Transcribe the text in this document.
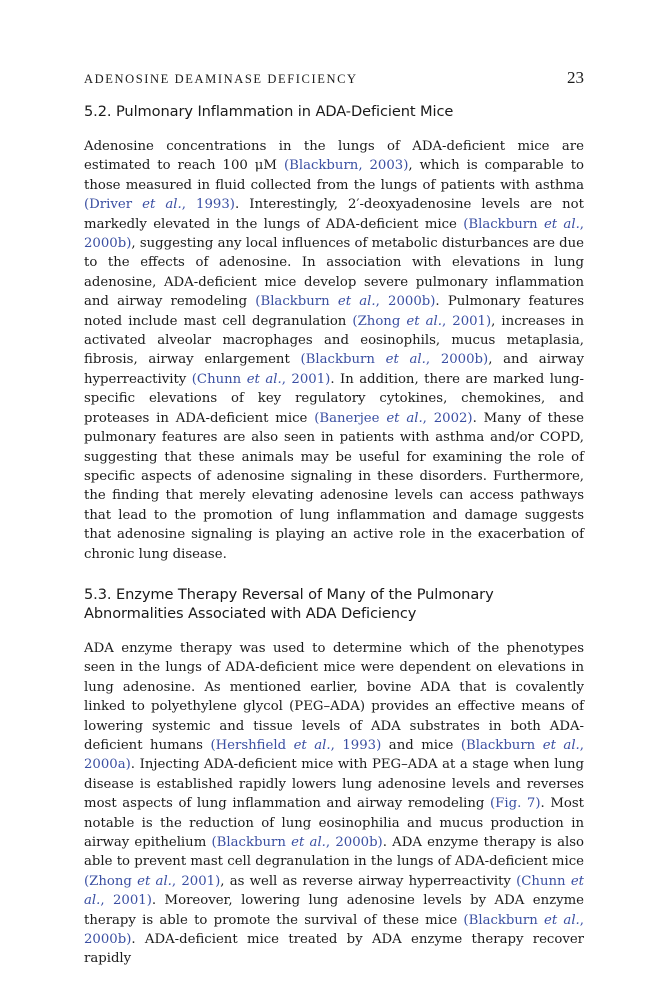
ADENOSINE DEAMINASE DEFICIENCY	23
5.2. Pulmonary Inflammation in ADA-Deficient Mice

Adenosine concentrations in the lungs of ADA-deficient mice are estimated to reach 100 μM (Blackburn, 2003), which is comparable to those measured in fluid collected from the lungs of patients with asthma (Driver et al., 1993). Interestingly, 2′-deoxyadenosine levels are not markedly elevated in the lungs of ADA-deficient mice (Blackburn et al., 2000b), suggesting any local influences of metabolic disturbances are due to the effects of adenosine. In association with elevations in lung adenosine, ADA-deficient mice develop severe pulmonary inflammation and airway remodeling (Blackburn et al., 2000b). Pulmonary features noted include mast cell degranulation (Zhong et al., 2001), increases in activated alveolar macrophages and eosinophils, mucus metaplasia, fibrosis, airway enlargement (Blackburn et al., 2000b), and airway hyperreactivity (Chunn et al., 2001). In addition, there are marked lung-specific elevations of key regulatory cytokines, chemokines, and proteases in ADA-deficient mice (Banerjee et al., 2002). Many of these pulmonary features are also seen in patients with asthma and/or COPD, suggesting that these animals may be useful for examining the role of specific aspects of adenosine signaling in these disorders. Furthermore, the finding that merely elevating adenosine levels can access pathways that lead to the promotion of lung inflammation and damage suggests that adenosine signaling is playing an active role in the exacerbation of chronic lung disease.

5.3. Enzyme Therapy Reversal of Many of the Pulmonary Abnormalities Associated with ADA Deficiency

ADA enzyme therapy was used to determine which of the phenotypes seen in the lungs of ADA-deficient mice were dependent on elevations in lung adenosine. As mentioned earlier, bovine ADA that is covalently linked to polyethylene glycol (PEG–ADA) provides an effective means of lowering systemic and tissue levels of ADA substrates in both ADA-deficient humans (Hershfield et al., 1993) and mice (Blackburn et al., 2000a). Injecting ADA-deficient mice with PEG–ADA at a stage when lung disease is established rapidly lowers lung adenosine levels and reverses most aspects of lung inflammation and airway remodeling (Fig. 7). Most notable is the reduction of lung eosinophilia and mucus production in airway epithelium (Blackburn et al., 2000b). ADA enzyme therapy is also able to prevent mast cell degranulation in the lungs of ADA-deficient mice (Zhong et al., 2001), as well as reverse airway hyperreactivity (Chunn et al., 2001). Moreover, lowering lung adenosine levels by ADA enzyme therapy is able to promote the survival of these mice (Blackburn et al., 2000b). ADA-deficient mice treated by ADA enzyme therapy recover rapidly
